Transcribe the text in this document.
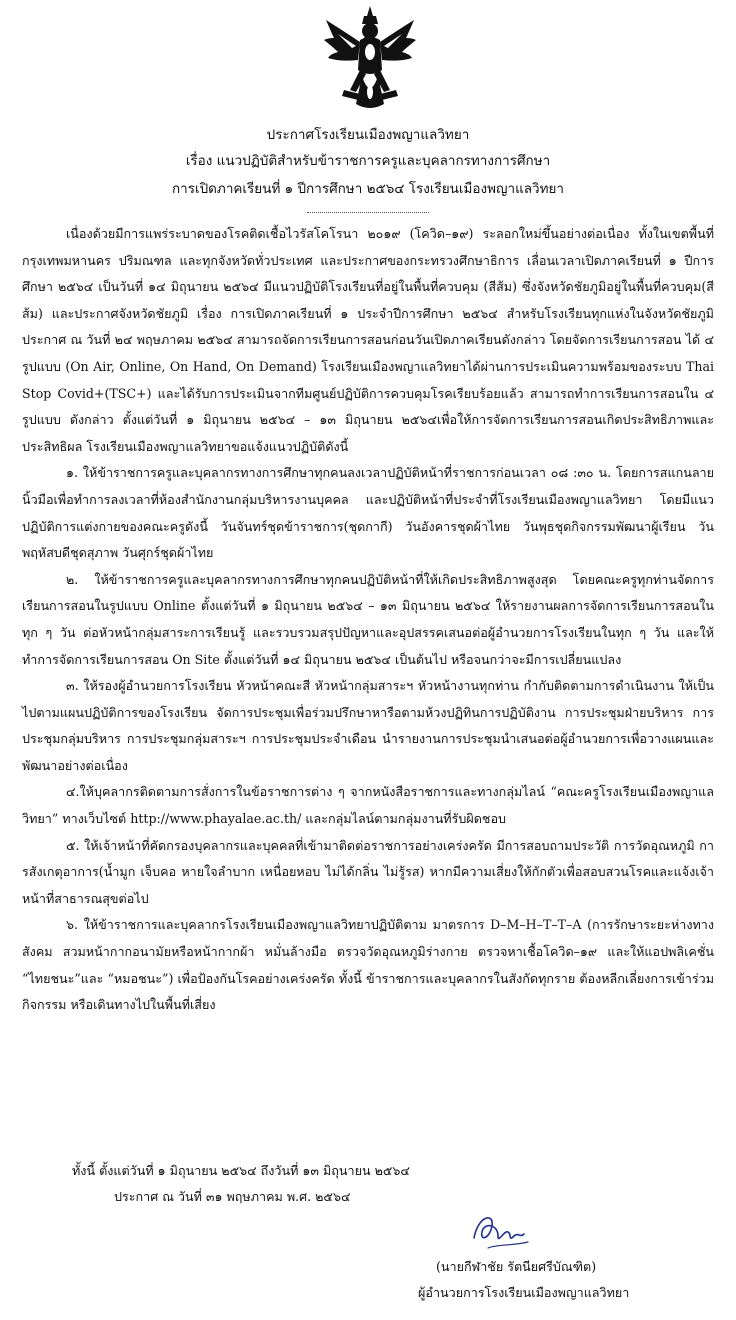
ประกาศโรงเรียนเมืองพญาแลวิทยา
เรื่อง แนวปฏิบัติสำหรับข้าราชการครูและบุคลากรทางการศึกษา
การเปิดภาคเรียนที่ ๑ ปีการศึกษา ๒๕๖๔ โรงเรียนเมืองพญาแลวิทยา

เนื่องด้วยมีการแพร่ระบาดของโรคติดเชื้อไวรัสโคโรนา ๒๐๑๙ (โควิด–๑๙) ระลอกใหม่ขึ้นอย่างต่อเนื่อง ทั้งในเขตพื้นที่กรุงเทพมหานคร ปริมณฑล และทุกจังหวัดทั่วประเทศ และประกาศของกระทรวงศึกษาธิการ เลื่อนเวลาเปิดภาคเรียนที่ ๑ ปีการศึกษา ๒๕๖๔ เป็นวันที่ ๑๔ มิถุนายน ๒๕๖๔ มีแนวปฏิบัติโรงเรียนที่อยู่ในพื้นที่ควบคุม (สีส้ม) ซึ่งจังหวัดชัยภูมิอยู่ในพื้นที่ควบคุม(สีส้ม) และประกาศจังหวัดชัยภูมิ เรื่อง การเปิดภาคเรียนที่ ๑ ประจำปีการศึกษา ๒๕๖๔ สำหรับโรงเรียนทุกแห่งในจังหวัดชัยภูมิ ประกาศ ณ วันที่ ๒๔ พฤษภาคม ๒๕๖๔ สามารถจัดการเรียนการสอนก่อนวันเปิดภาคเรียนดังกล่าว โดยจัดการเรียนการสอน ได้ ๔ รูปแบบ (On Air, Online, On Hand, On Demand) โรงเรียนเมืองพญาแลวิทยาได้ผ่านการประเมินความพร้อมของระบบ Thai Stop Covid+(TSC+) และได้รับการประเมินจากทีมศูนย์ปฏิบัติการควบคุมโรคเรียบร้อยแล้ว สามารถทำการเรียนการสอนใน ๔ รูปแบบ ดังกล่าว ตั้งแต่วันที่ ๑ มิถุนายน ๒๕๖๔ – ๑๓ มิถุนายน ๒๕๖๔เพื่อให้การจัดการเรียนการสอนเกิดประสิทธิภาพและประสิทธิผล โรงเรียนเมืองพญาแลวิทยาขอแจ้งแนวปฏิบัติดังนี้

๑. ให้ข้าราชการครูและบุคลากรทางการศึกษาทุกคนลงเวลาปฏิบัติหน้าที่ราชการก่อนเวลา ๐๘ :๓๐ น. โดยการสแกนลายนิ้วมือเพื่อทำการลงเวลาที่ห้องสำนักงานกลุ่มบริหารงานบุคคล และปฏิบัติหน้าที่ประจำที่โรงเรียนเมืองพญาแลวิทยา โดยมีแนวปฏิบัติการแต่งกายของคณะครูดังนี้ วันจันทร์ชุดข้าราชการ(ชุดกากี) วันอังคารชุดผ้าไทย วันพุธชุดกิจกรรมพัฒนาผู้เรียน วันพฤหัสบดีชุดสุภาพ วันศุกร์ชุดผ้าไทย

๒. ให้ข้าราชการครูและบุคลากรทางการศึกษาทุกคนปฏิบัติหน้าที่ให้เกิดประสิทธิภาพสูงสุด โดยคณะครูทุกท่านจัดการเรียนการสอนในรูปแบบ Online ตั้งแต่วันที่ ๑ มิถุนายน ๒๕๖๔ – ๑๓ มิถุนายน ๒๕๖๔ ให้รายงานผลการจัดการเรียนการสอนในทุก ๆ วัน ต่อหัวหน้ากลุ่มสาระการเรียนรู้ และรวบรวมสรุปปัญหาและอุปสรรคเสนอต่อผู้อำนวยการโรงเรียนในทุก ๆ วัน และให้ทำการจัดการเรียนการสอน On Site ตั้งแต่วันที่ ๑๔ มิถุนายน ๒๕๖๔ เป็นต้นไป หรือจนกว่าจะมีการเปลี่ยนแปลง

๓. ให้รองผู้อำนวยการโรงเรียน หัวหน้าคณะสี หัวหน้ากลุ่มสาระฯ หัวหน้างานทุกท่าน กำกับติดตามการดำเนินงาน ให้เป็นไปตามแผนปฏิบัติการของโรงเรียน จัดการประชุมเพื่อร่วมปรึกษาหารือตามห้วงปฏิทินการปฏิบัติงาน การประชุมฝ่ายบริหาร การประชุมกลุ่มบริหาร การประชุมกลุ่มสาระฯ การประชุมประจำเดือน นำรายงานการประชุมนำเสนอต่อผู้อำนวยการเพื่อวางแผนและพัฒนาอย่างต่อเนื่อง

๔.ให้บุคลากรติดตามการสั่งการในข้อราชการต่าง ๆ จากหนังสือราชการและทางกลุ่มไลน์ “คณะครูโรงเรียนเมืองพญาแลวิทยา” ทางเว็บไซต์ http://www.phayalae.ac.th/ และกลุ่มไลน์ตามกลุ่มงานที่รับผิดชอบ

๕. ให้เจ้าหน้าที่คัดกรองบุคลากรและบุคคลที่เข้ามาติดต่อราชการอย่างเคร่งครัด มีการสอบถามประวัติ การวัดอุณหภูมิ การสังเกตุอาการ(น้ำมูก เจ็บคอ หายใจลำบาก เหนื่อยหอบ ไม่ได้กลิ่น ไม่รู้รส) หากมีความเสี่ยงให้กักตัวเพื่อสอบสวนโรคและแจ้งเจ้าหน้าที่สาธารณสุขต่อไป

๖. ให้ข้าราชการและบุคลากรโรงเรียนเมืองพญาแลวิทยาปฏิบัติตาม มาตรการ D–M–H–T–T–A (การรักษาระยะห่างทางสังคม สวมหน้ากากอนามัยหรือหน้ากากผ้า หมั่นล้างมือ ตรวจวัดอุณหภูมิร่างกาย ตรวจหาเชื้อโควิด–๑๙ และให้แอปพลิเคชั่น “ไทยชนะ”และ “หมอชนะ”) เพื่อป้องกันโรคอย่างเคร่งครัด ทั้งนี้ ข้าราชการและบุคลากรในสังกัดทุกราย ต้องหลีกเลี่ยงการเข้าร่วมกิจกรรม หรือเดินทางไปในพื้นที่เสี่ยง

ทั้งนี้ ตั้งแต่วันที่ ๑ มิถุนายน ๒๕๖๔ ถึงวันที่ ๑๓ มิถุนายน ๒๕๖๔
ประกาศ ณ วันที่ ๓๑ พฤษภาคม พ.ศ. ๒๕๖๔
(นายกีฬาชัย รัตนียศรีบัณฑิต)
ผู้อำนวยการโรงเรียนเมืองพญาแลวิทยา
